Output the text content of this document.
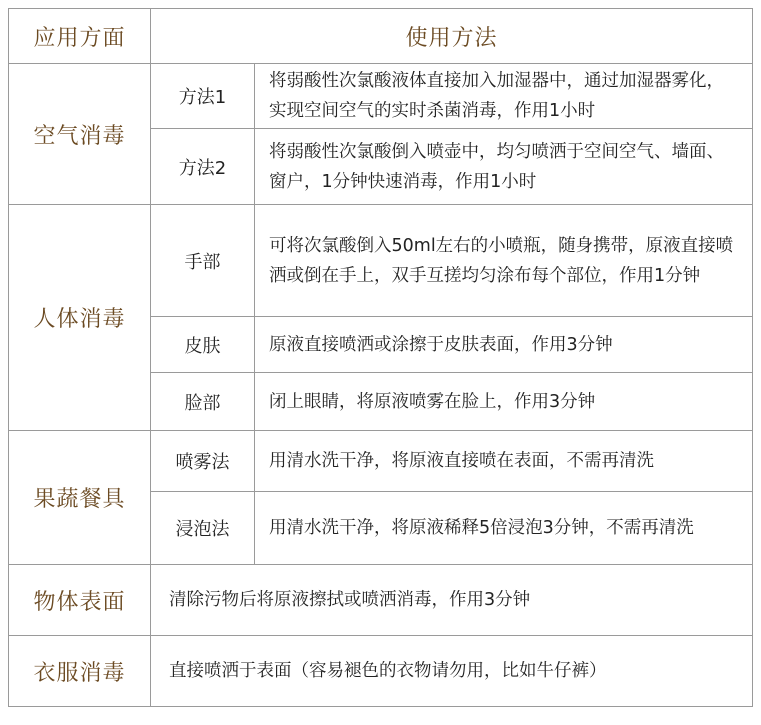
应用方面	使用方法	
空气消毒	方法1	将弱酸性次氯酸液体直接加入加湿器中，通过加湿器雾化，实现空间空气的实时杀菌消毒，作用1小时
	方法2	将弱酸性次氯酸倒入喷壶中，均匀喷洒于空间空气、墙面、窗户，1分钟快速消毒，作用1小时
人体消毒	手部	可将次氯酸倒入50ml左右的小喷瓶，随身携带，原液直接喷洒或倒在手上，双手互搓均匀涂布每个部位，作用1分钟
	皮肤	原液直接喷洒或涂擦于皮肤表面，作用3分钟
	脸部	闭上眼睛，将原液喷雾在脸上，作用3分钟
果蔬餐具	喷雾法	用清水洗干净，将原液直接喷在表面，不需再清洗
	浸泡法	用清水洗干净，将原液稀释5倍浸泡3分钟，不需再清洗
物体表面	清除污物后将原液擦拭或喷洒消毒，作用3分钟	
衣服消毒	直接喷洒于表面（容易褪色的衣物请勿用，比如牛仔裤）	
